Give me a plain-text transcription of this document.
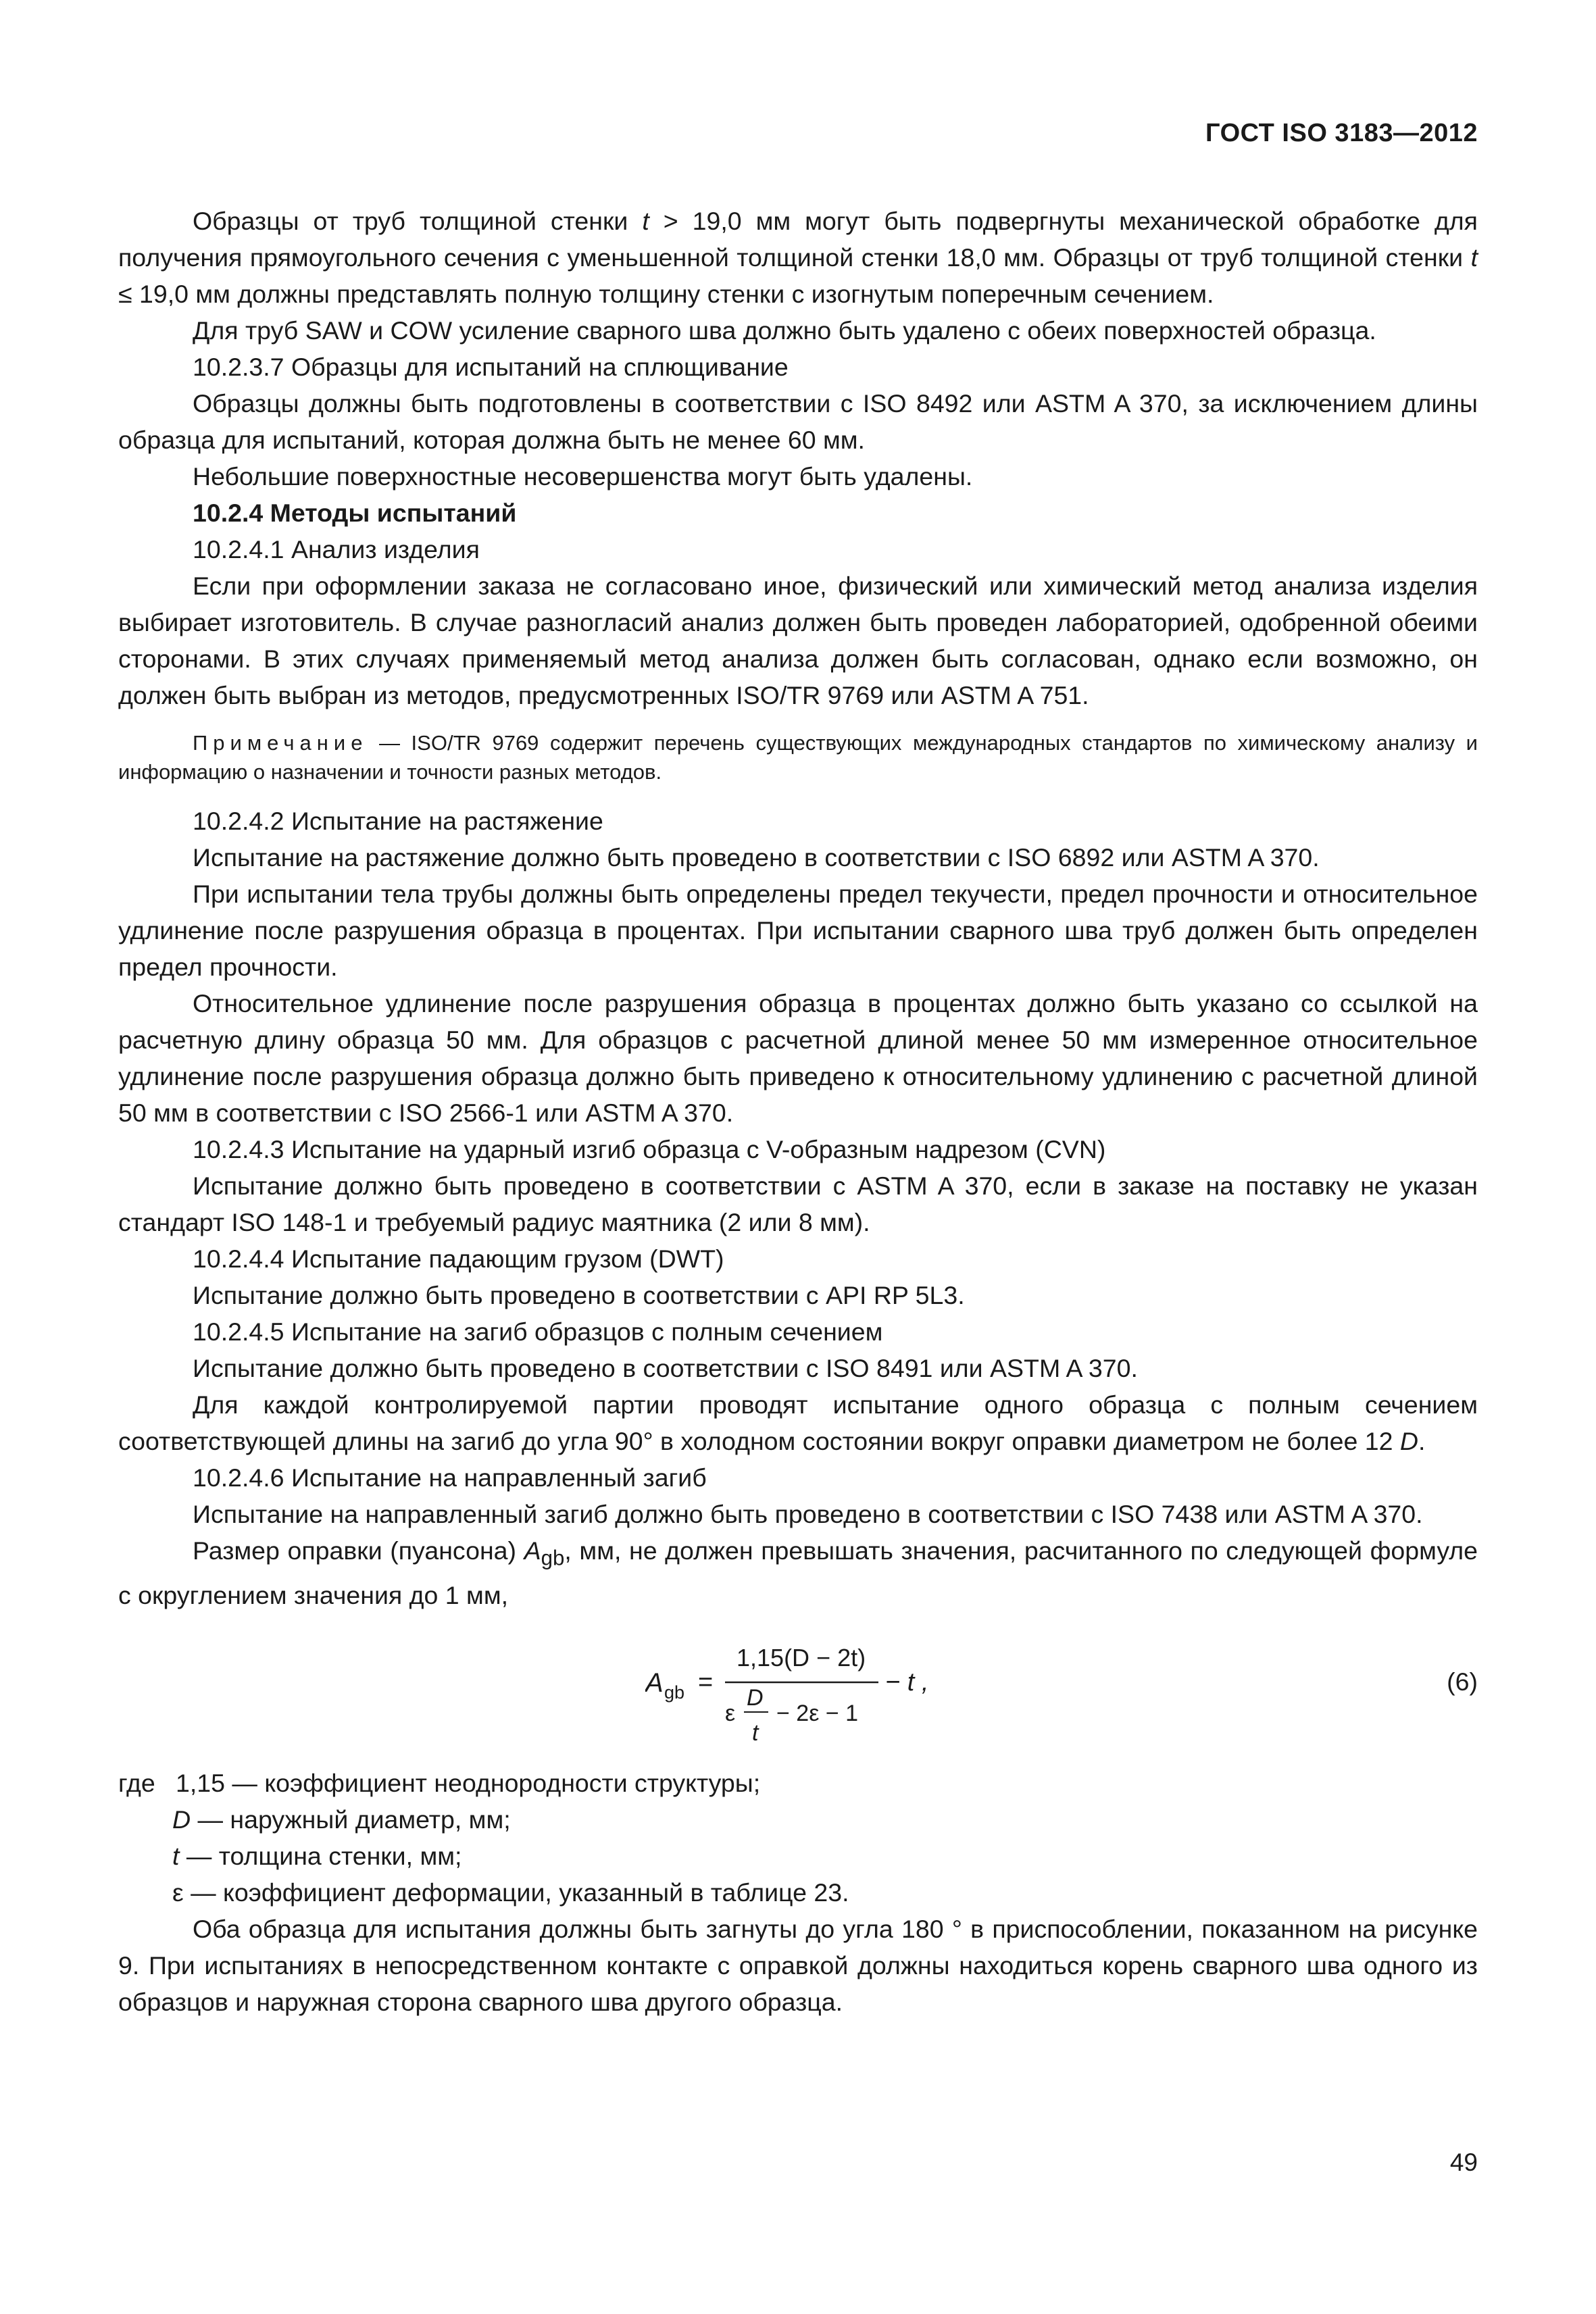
ГОСТ ISO 3183—2012

Образцы от труб толщиной стенки t > 19,0 мм могут быть подвергнуты механической обработке для получения прямоугольного сечения с уменьшенной толщиной стенки 18,0 мм. Образцы от труб толщиной стенки t ≤ 19,0 мм должны представлять полную толщину стенки с изогнутым поперечным сечением.

Для труб SAW и COW усиление сварного шва должно быть удалено с обеих поверхностей образца.

10.2.3.7 Образцы для испытаний на сплющивание

Образцы должны быть подготовлены в соответствии с ISO 8492 или ASTM A 370, за исключением длины образца для испытаний, которая должна быть не менее 60 мм.

Небольшие поверхностные несовершенства могут быть удалены.

10.2.4 Методы испытаний

10.2.4.1 Анализ изделия

Если при оформлении заказа не согласовано иное, физический или химический метод анализа изделия выбирает изготовитель. В случае разногласий анализ должен быть проведен лабораторией, одобренной обеими сторонами. В этих случаях применяемый метод анализа должен быть согласован, однако если возможно, он должен быть выбран из методов, предусмотренных ISO/TR 9769 или ASTM A 751.

Примечание — ISO/TR 9769 содержит перечень существующих международных стандартов по химическому анализу и информацию о назначении и точности разных методов.

10.2.4.2 Испытание на растяжение

Испытание на растяжение должно быть проведено в соответствии с ISO 6892 или ASTM A 370.

При испытании тела трубы должны быть определены предел текучести, предел прочности и относительное удлинение после разрушения образца в процентах. При испытании сварного шва труб должен быть определен предел прочности.

Относительное удлинение после разрушения образца в процентах должно быть указано со ссылкой на расчетную длину образца 50 мм. Для образцов с расчетной длиной менее 50 мм измеренное относительное удлинение после разрушения образца должно быть приведено к относительному удлинению с расчетной длиной 50 мм в соответствии с ISO 2566-1 или ASTM A 370.

10.2.4.3 Испытание на ударный изгиб образца с V-образным надрезом (CVN)

Испытание должно быть проведено в соответствии с ASTM A 370, если в заказе на поставку не указан стандарт ISO 148-1 и требуемый радиус маятника (2 или 8 мм).

10.2.4.4 Испытание падающим грузом (DWT)

Испытание должно быть проведено в соответствии с API RP 5L3.

10.2.4.5 Испытание на загиб образцов с полным сечением

Испытание должно быть проведено в соответствии с ISO 8491 или ASTM A 370.

Для каждой контролируемой партии проводят испытание одного образца с полным сечением соответствующей длины на загиб до угла 90° в холодном состоянии вокруг оправки диаметром не более 12 D.

10.2.4.6 Испытание на направленный загиб

Испытание на направленный загиб должно быть проведено в соответствии с ISO 7438 или ASTM A 370.

Размер оправки (пуансона) $A_{gb}$, мм, не должен превышать значения, расчитанного по следующей формуле с округлением значения до 1 мм,

A gb =
1,15(D − 2t)
ε
D
t
− 2ε − 1
− t ,	(6)
где 1,15 — коэффициент неоднородности структуры;
D — наружный диаметр, мм;
t — толщина стенки, мм;
ε — коэффициент деформации, указанный в таблице 23.

Оба образца для испытания должны быть загнуты до угла 180 ° в приспособлении, показанном на рисунке 9. При испытаниях в непосредственном контакте с оправкой должны находиться корень сварного шва одного из образцов и наружная сторона сварного шва другого образца.

49
